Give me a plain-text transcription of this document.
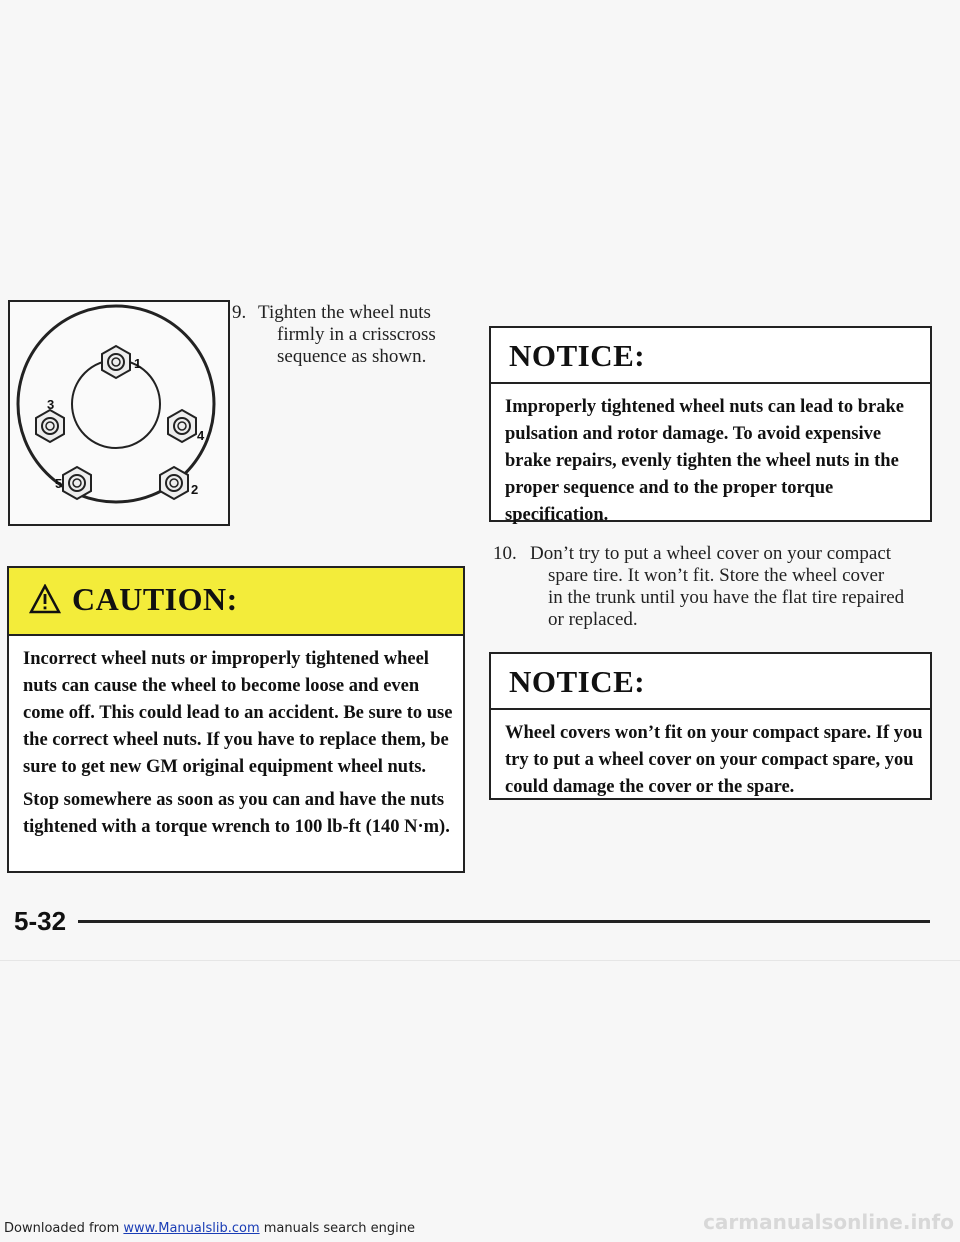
1
2
3
4
5
9. Tighten the wheel nuts
firmly in a crisscross
sequence as shown.
CAUTION:

Incorrect wheel nuts or improperly tightened wheel nuts can cause the wheel to become loose and even come off. This could lead to an accident. Be sure to use the correct wheel nuts. If you have to replace them, be sure to get new GM original equipment wheel nuts.

Stop somewhere as soon as you can and have the nuts tightened with a torque wrench to 100 lb-ft (140 N·m).

NOTICE:
Improperly tightened wheel nuts can lead to brake pulsation and rotor damage. To avoid expensive brake repairs, evenly tighten the wheel nuts in the proper sequence and to the proper torque specification.
10. Don’t try to put a wheel cover on your compact
spare tire. It won’t fit. Store the wheel cover
in the trunk until you have the flat tire repaired
or replaced.
NOTICE:
Wheel covers won’t fit on your compact spare. If you try to put a wheel cover on your compact spare, you could damage the cover or the spare.
5-32
Downloaded from www.Manualslib.com manuals search engine	carmanualsonline.info
